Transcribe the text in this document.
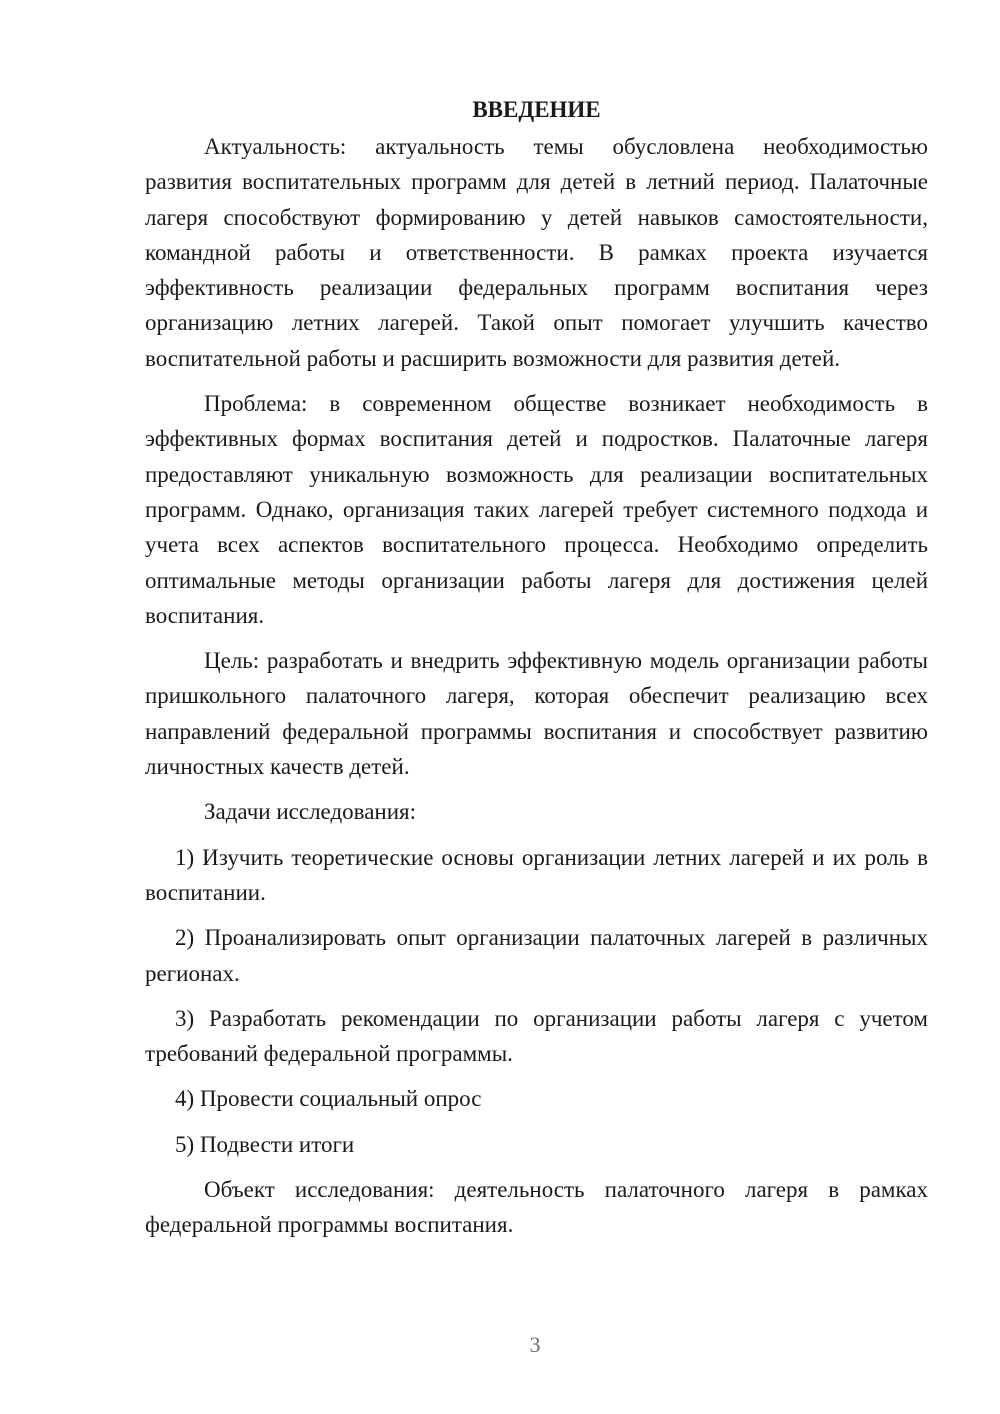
ВВЕДЕНИЕ

Актуальность: актуальность темы обусловлена необходимостью развития воспитательных программ для детей в летний период. Палаточные лагеря способствуют формированию у детей навыков самостоятельности, командной работы и ответственности. В рамках проекта изучается эффективность реализации федеральных программ воспитания через организацию летних лагерей. Такой опыт помогает улучшить качество воспитательной работы и расширить возможности для развития детей.

Проблема: в современном обществе возникает необходимость в эффективных формах воспитания детей и подростков. Палаточные лагеря предоставляют уникальную возможность для реализации воспитательных программ. Однако, организация таких лагерей требует системного подхода и учета всех аспектов воспитательного процесса. Необходимо определить оптимальные методы организации работы лагеря для достижения целей воспитания.

Цель: разработать и внедрить эффективную модель организации работы пришкольного палаточного лагеря, которая обеспечит реализацию всех направлений федеральной программы воспитания и способствует развитию личностных качеств детей.

Задачи исследования:

1) Изучить теоретические основы организации летних лагерей и их роль в воспитании.

2) Проанализировать опыт организации палаточных лагерей в различных регионах.

3) Разработать рекомендации по организации работы лагеря с учетом требований федеральной программы.

4) Провести социальный опрос

5) Подвести итоги

Объект исследования: деятельность палаточного лагеря в рамках федеральной программы воспитания.

3
